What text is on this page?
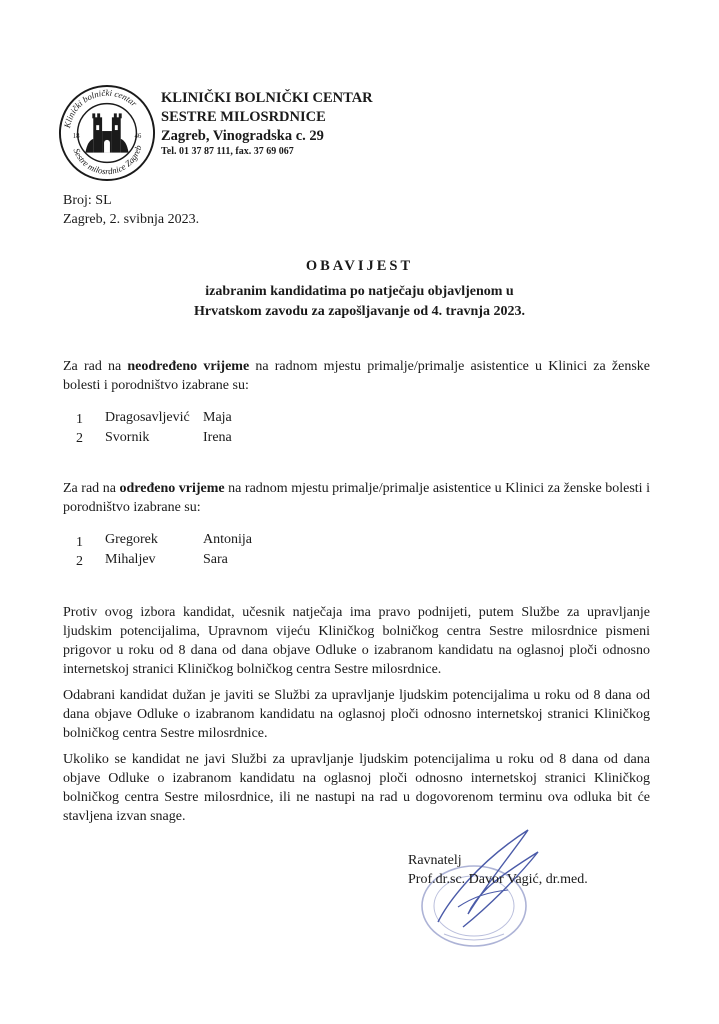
Klinički bolnički centar
Sestre milosrdnice Zagreb
18	46
KLINIČKI BOLNIČKI CENTAR
SESTRE MILOSRDNICE
Zagreb, Vinogradska c. 29
Tel. 01 37 87 111, fax. 37 69 067
Broj: SL
Zagreb, 2. svibnja 2023.
OBAVIJEST
izabranim kandidatima po natječaju objavljenom u
Hrvatskom zavodu za zapošljavanje od 4. travnja 2023.
Za rad na neodređeno vrijeme na radnom mjestu primalje/primalje asistentice u Klinici za ženske bolesti i porodništvo izabrane su:
1 Dragosavljević Maja
2 Svornik	Irena
Za rad na određeno vrijeme na radnom mjestu primalje/primalje asistentice u Klinici za ženske bolesti i porodništvo izabrane su:
1 Gregorek	Antonija
2 Mihaljev	Sara
Protiv ovog izbora kandidat, učesnik natječaja ima pravo podnijeti, putem Službe za upravljanje ljudskim potencijalima, Upravnom vijeću Kliničkog bolničkog centra Sestre milosrdnice pismeni prigovor u roku od 8 dana od dana objave Odluke o izabranom kandidatu na oglasnoj ploči odnosno internetskoj stranici Kliničkog bolničkog centra Sestre milosrdnice.
Odabrani kandidat dužan je javiti se Službi za upravljanje ljudskim potencijalima u roku od 8 dana od dana objave Odluke o izabranom kandidatu na oglasnoj ploči odnosno internetskoj stranici Kliničkog bolničkog centra Sestre milosrdnice.
Ukoliko se kandidat ne javi Službi za upravljanje ljudskim potencijalima u roku od 8 dana od dana objave Odluke o izabranom kandidatu na oglasnoj ploči odnosno internetskoj stranici Kliničkog bolničkog centra Sestre milosrdnice, ili ne nastupi na rad u dogovorenom terminu ova odluka bit će stavljena izvan snage.
Ravnatelj
Prof.dr.sc. Davor Vagić, dr.med.
